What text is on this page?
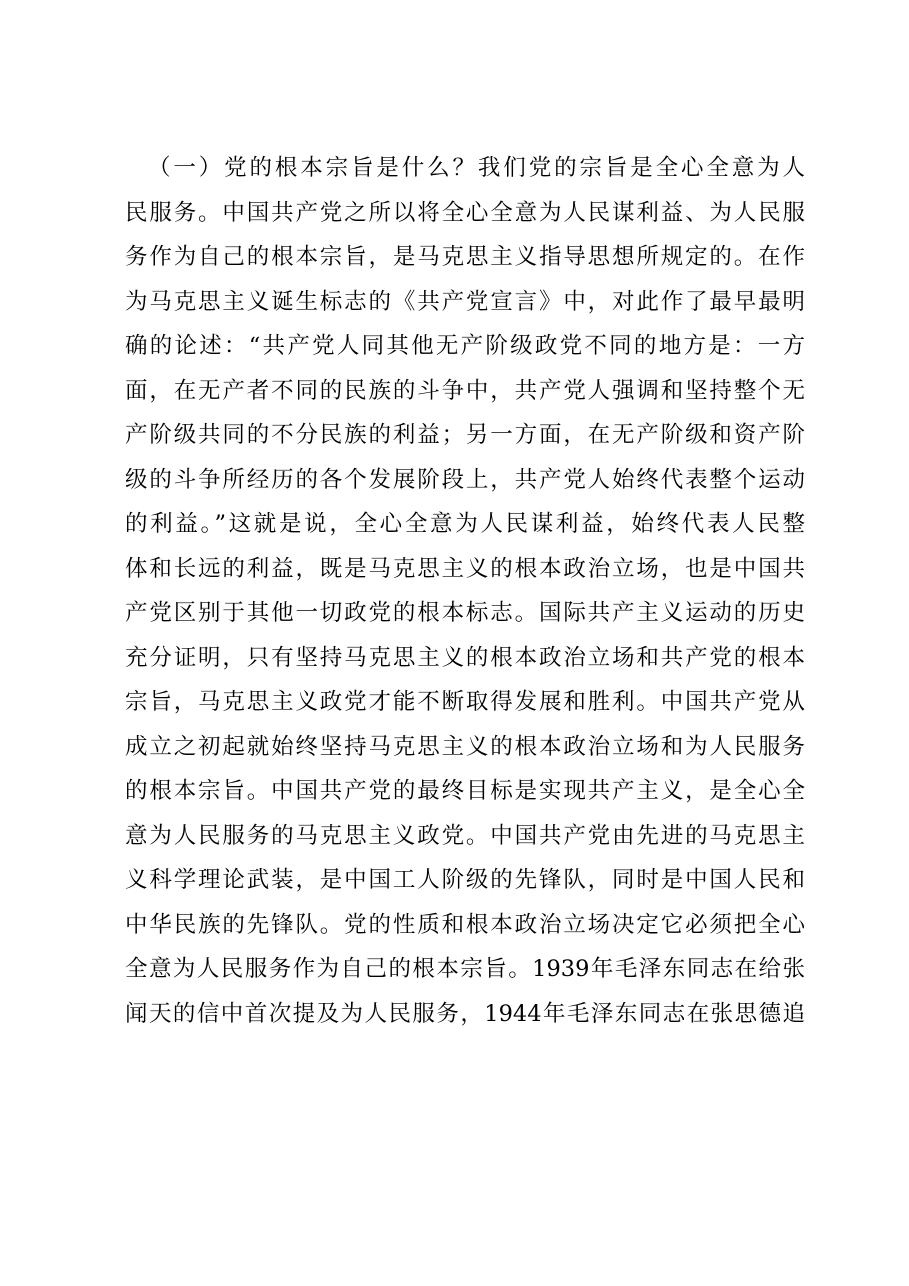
（一）党的根本宗旨是什么？我们党的宗旨是全心全意为人
民服务。中国共产党之所以将全心全意为人民谋利益、为人民服
务作为自己的根本宗旨，是马克思主义指导思想所规定的。在作
为马克思主义诞生标志的《共产党宣言》中，对此作了最早最明
确的论述：“共产党人同其他无产阶级政党不同的地方是：一方
面，在无产者不同的民族的斗争中，共产党人强调和坚持整个无
产阶级共同的不分民族的利益；另一方面，在无产阶级和资产阶
级的斗争所经历的各个发展阶段上，共产党人始终代表整个运动
的利益。”这就是说，全心全意为人民谋利益，始终代表人民整
体和长远的利益，既是马克思主义的根本政治立场，也是中国共
产党区别于其他一切政党的根本标志。国际共产主义运动的历史
充分证明，只有坚持马克思主义的根本政治立场和共产党的根本
宗旨，马克思主义政党才能不断取得发展和胜利。中国共产党从
成立之初起就始终坚持马克思主义的根本政治立场和为人民服务
的根本宗旨。中国共产党的最终目标是实现共产主义，是全心全
意为人民服务的马克思主义政党。中国共产党由先进的马克思主
义科学理论武装，是中国工人阶级的先锋队，同时是中国人民和
中华民族的先锋队。党的性质和根本政治立场决定它必须把全心
全意为人民服务作为自己的根本宗旨。1939年毛泽东同志在给张
闻天的信中首次提及为人民服务，1944年毛泽东同志在张思德追
